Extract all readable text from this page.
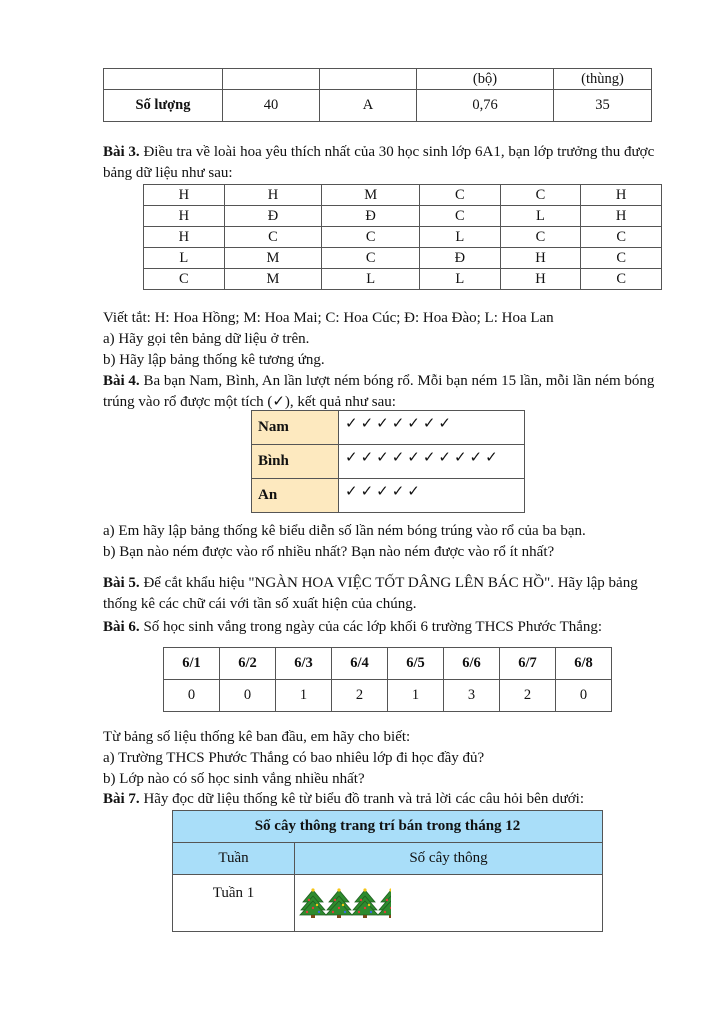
			(bộ)	(thùng)
Số lượng	40	A	0,76	35

Bài 3. Điều tra về loài hoa yêu thích nhất của 30 học sinh lớp 6A1, bạn lớp trưởng thu được bảng dữ liệu như sau:

H	H	M	C	C	H
H	Đ	Đ	C	L	H
H	C	C	L	C	C
L	M	C	Đ	H	C
C	M	L	L	H	C

Viết tắt: H: Hoa Hồng; M: Hoa Mai; C: Hoa Cúc; Đ: Hoa Đào; L: Hoa Lan

a) Hãy gọi tên bảng dữ liệu ở trên.

b) Hãy lập bảng thống kê tương ứng.

Bài 4. Ba bạn Nam, Bình, An lần lượt ném bóng rổ. Mỗi bạn ném 15 lần, mỗi lần ném bóng trúng vào rổ được một tích (✓), kết quả như sau:

Nam	✓✓✓✓✓✓✓
Bình	✓✓✓✓✓✓✓✓✓✓
An	✓✓✓✓✓

a) Em hãy lập bảng thống kê biểu diễn số lần ném bóng trúng vào rổ của ba bạn.

b) Bạn nào ném được vào rổ nhiều nhất? Bạn nào ném được vào rổ ít nhất?

Bài 5. Để cắt khẩu hiệu "NGÀN HOA VIỆC TỐT DÂNG LÊN BÁC HỒ". Hãy lập bảng thống kê các chữ cái với tần số xuất hiện của chúng.

Bài 6. Số học sinh vắng trong ngày của các lớp khối 6 trường THCS Phước Thắng:

6/1	6/2	6/3	6/4	6/5	6/6	6/7	6/8
0	0	1	2	1	3	2	0

Từ bảng số liệu thống kê ban đầu, em hãy cho biết:

a) Trường THCS Phước Thắng có bao nhiêu lớp đi học đầy đủ?

b) Lớp nào có số học sinh vắng nhiều nhất?

Bài 7. Hãy đọc dữ liệu thống kê từ biểu đồ tranh và trả lời các câu hỏi bên dưới:

Số cây thông trang trí bán trong tháng 12	
Tuần	Số cây thông
Tuần 1	
